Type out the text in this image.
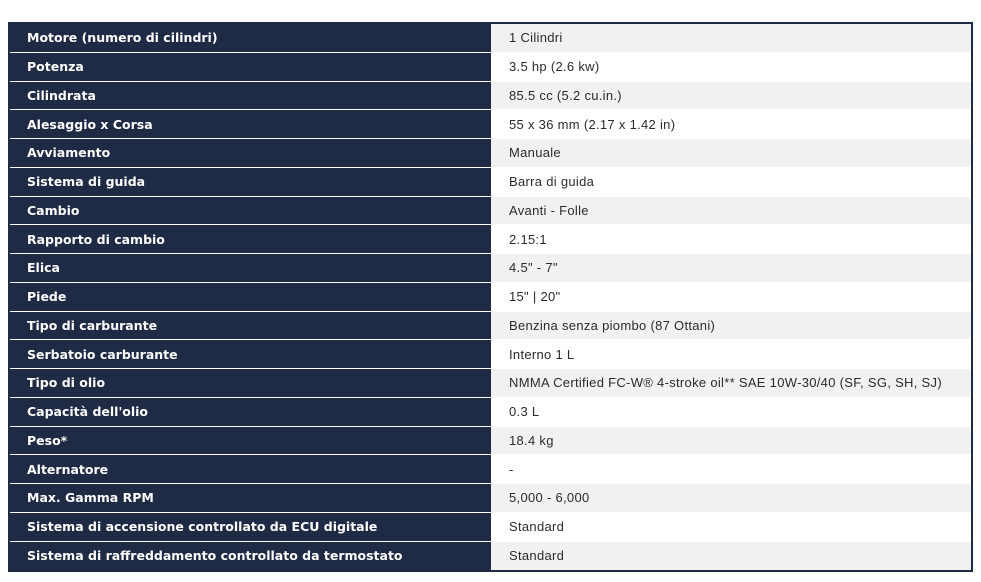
Motore (numero di cilindri)	1 Cilindri
Potenza	3.5 hp (2.6 kw)
Cilindrata	85.5 cc (5.2 cu.in.)
Alesaggio x Corsa	55 x 36 mm (2.17 x 1.42 in)
Avviamento	Manuale
Sistema di guida	Barra di guida
Cambio	Avanti - Folle
Rapporto di cambio	2.15:1
Elica	4.5" - 7"
Piede	15" | 20"
Tipo di carburante	Benzina senza piombo (87 Ottani)
Serbatoio carburante	Interno 1 L
Tipo di olio	NMMA Certified FC-W® 4-stroke oil** SAE 10W-30/40 (SF, SG, SH, SJ)
Capacità dell'olio	0.3 L
Peso*	18.4 kg
Alternatore	-
Max. Gamma RPM	5,000 - 6,000
Sistema di accensione controllato da ECU digitale	Standard
Sistema di raffreddamento controllato da termostato	Standard
